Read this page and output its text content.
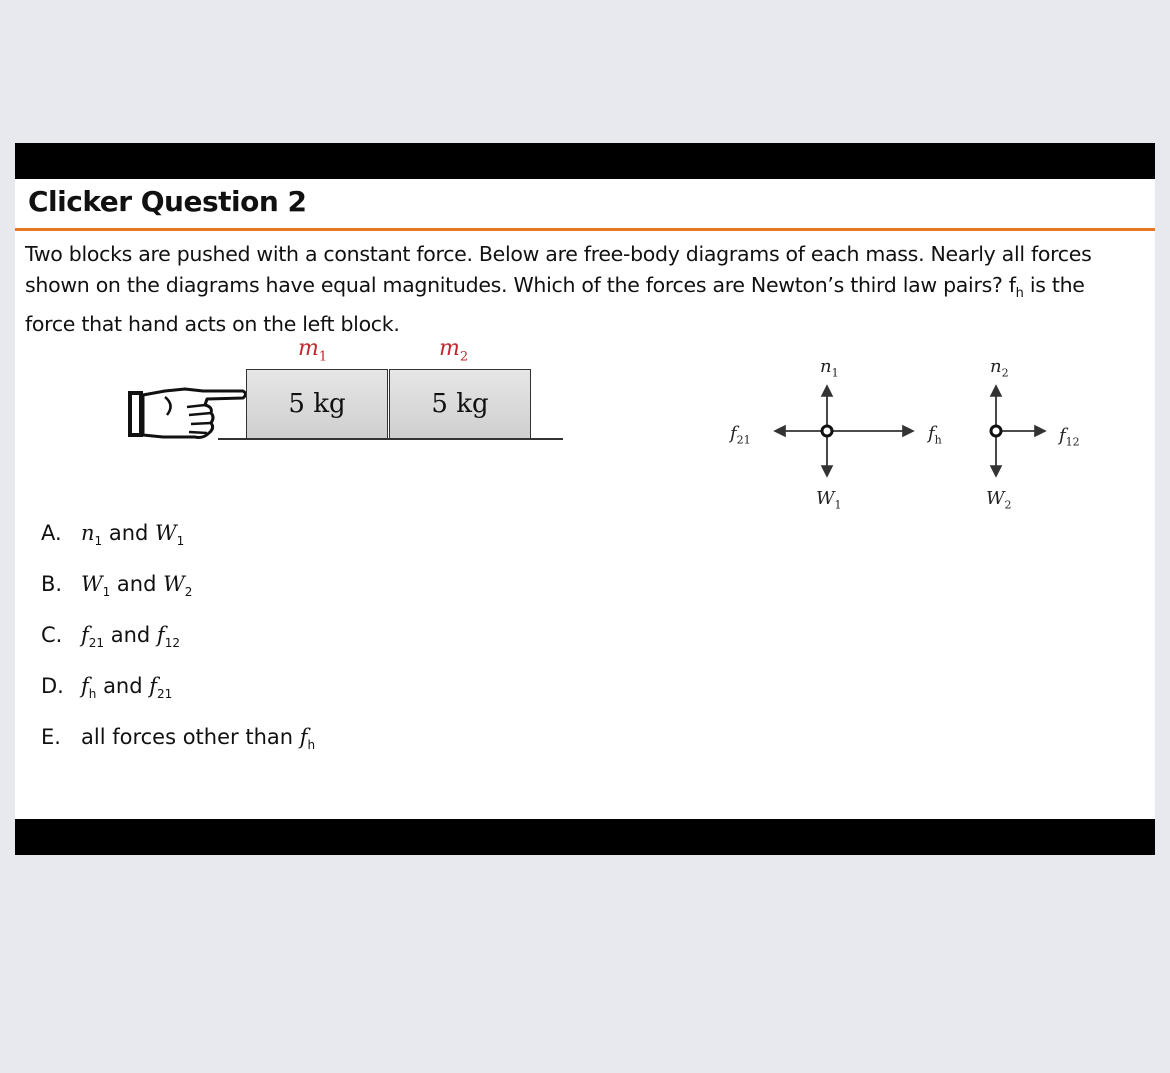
Clicker Question 2
Two blocks are pushed with a constant force. Below are free-body diagrams of each mass. Nearly all forces shown on the diagrams have equal magnitudes. Which of the forces are Newton’s third law pairs? $f_h$ is the force that hand acts on the left block.
$m_1$	$m_2$
5 kg	5 kg
$n_1$	$n_2$
$W_1$	$W_2$
$f_{21}$	$f_h$	$f_{12}$
A. $n_1$ and $W_1$
B. $W_1$ and $W_2$
C. $f_{21}$ and $f_{12}$
D. $f_h$ and $f_{21}$
E. all forces other than $f_h$
